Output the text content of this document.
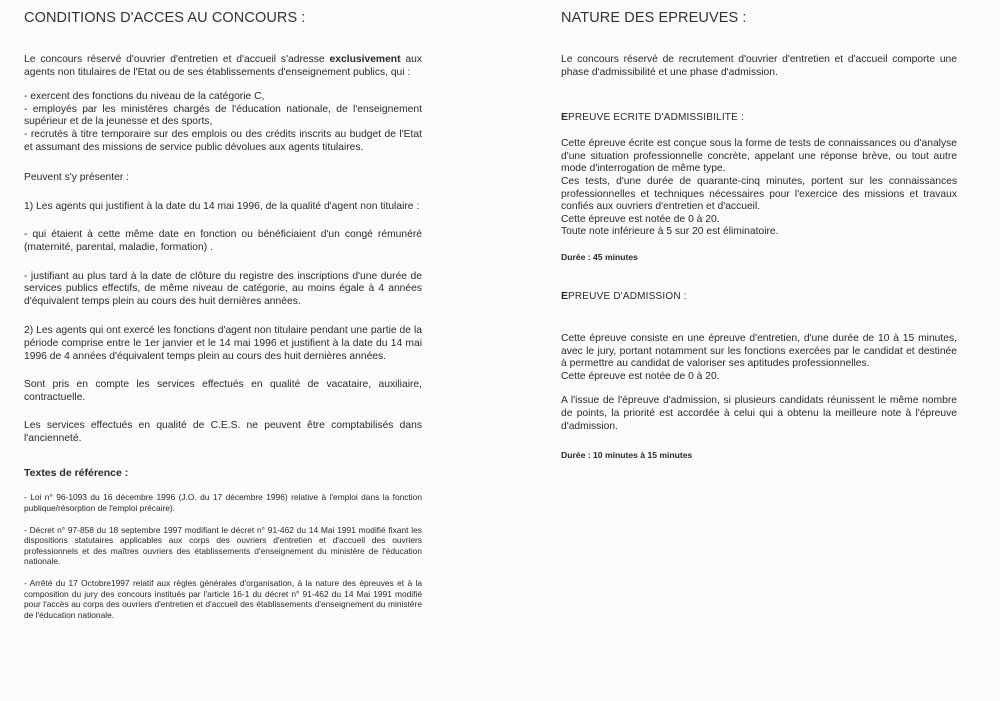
CONDITIONS D'ACCES AU CONCOURS :

Le concours réservé d'ouvrier d'entretien et d'accueil s'adresse exclusivement aux agents non titulaires de l'Etat ou de ses établissements d'enseignement publics, qui :

- exercent des fonctions du niveau de la catégorie C,

- employés par les ministères chargés de l'éducation nationale, de l'enseignement supérieur et de la jeunesse et des sports,

- recrutés à titre temporaire sur des emplois ou des crédits inscrits au budget de l'Etat et assumant des missions de service public dévolues aux agents titulaires.

Peuvent s'y présenter :

1) Les agents qui justifient à la date du 14 mai 1996, de la qualité d'agent non titulaire :

- qui étaient à cette même date en fonction ou bénéficiaient d'un congé rémunéré (maternité, parental, maladie, formation) .

- justifiant au plus tard à la date de clôture du registre des inscriptions d'une durée de services publics effectifs, de même niveau de catégorie, au moins égale à 4 années d'équivalent temps plein au cours des huit dernières années.

2) Les agents qui ont exercé les fonctions d'agent non titulaire pendant une partie de la période comprise entre le 1er janvier et le 14 mai 1996 et justifient à la date du 14 mai 1996 de 4 années d'équivalent temps plein au cours des huit dernières années.

Sont pris en compte les services effectués en qualité de vacataire, auxiliaire, contractuelle.

Les services effectués en qualité de C.E.S. ne peuvent être comptabilisés dans l'ancienneté.

Textes de référence :

- Loi n° 96-1093 du 16 décembre 1996 (J.O. du 17 décembre 1996) relative à l'emploi dans la fonction publique/résorption de l'emploi précaire).

- Décret n° 97-858 du 18 septembre 1997 modifiant le décret n° 91-462 du 14 Mai 1991 modifié fixant les dispositions statutaires applicables aux corps des ouvriers d'entretien et d'accueil des ouvriers professionnels et des maîtres ouvriers des établissements d'enseignement du ministère de l'éducation nationale.

- Arrêté du 17 Octobre1997 relatif aux règles générales d'organisation, à la nature des épreuves et à la composition du jury des concours institués par l'article 16-1 du décret n° 91-462 du 14 Mai 1991 modifié pour l'accès au corps des ouvriers d'entretien et d'accueil des établissements d'enseignement du ministère de l'éducation nationale.

NATURE DES EPREUVES :

Le concours réservé de recrutement d'ouvrier d'entretien et d'accueil comporte une phase d'admissibilité et une phase d'admission.

EPREUVE ECRITE D'ADMISSIBILITE :

Cette épreuve écrite est conçue sous la forme de tests de connaissances ou d'analyse d'une situation professionnelle concrète, appelant une réponse brève, ou tout autre mode d'interrogation de même type.

Ces tests, d'une durée de quarante-cinq minutes, portent sur les connaissances professionnelles et techniques nécessaires pour l'exercice des missions et travaux confiés aux ouvriers d'entretien et d'accueil.

Cette épreuve est notée de 0 à 20.

Toute note inférieure à 5 sur 20 est éliminatoire.

Durée : 45 minutes
EPREUVE D'ADMISSION :

Cette épreuve consiste en une épreuve d'entretien, d'une durée de 10 à 15 minutes, avec le jury, portant notamment sur les fonctions exercées par le candidat et destinée à permettre au candidat de valoriser ses aptitudes professionnelles.

Cette épreuve est notée de 0 à 20.

A l'issue de l'épreuve d'admission, si plusieurs candidats réunissent le même nombre de points, la priorité est accordée à celui qui a obtenu la meilleure note à l'épreuve d'admission.

Durée : 10 minutes à 15 minutes
